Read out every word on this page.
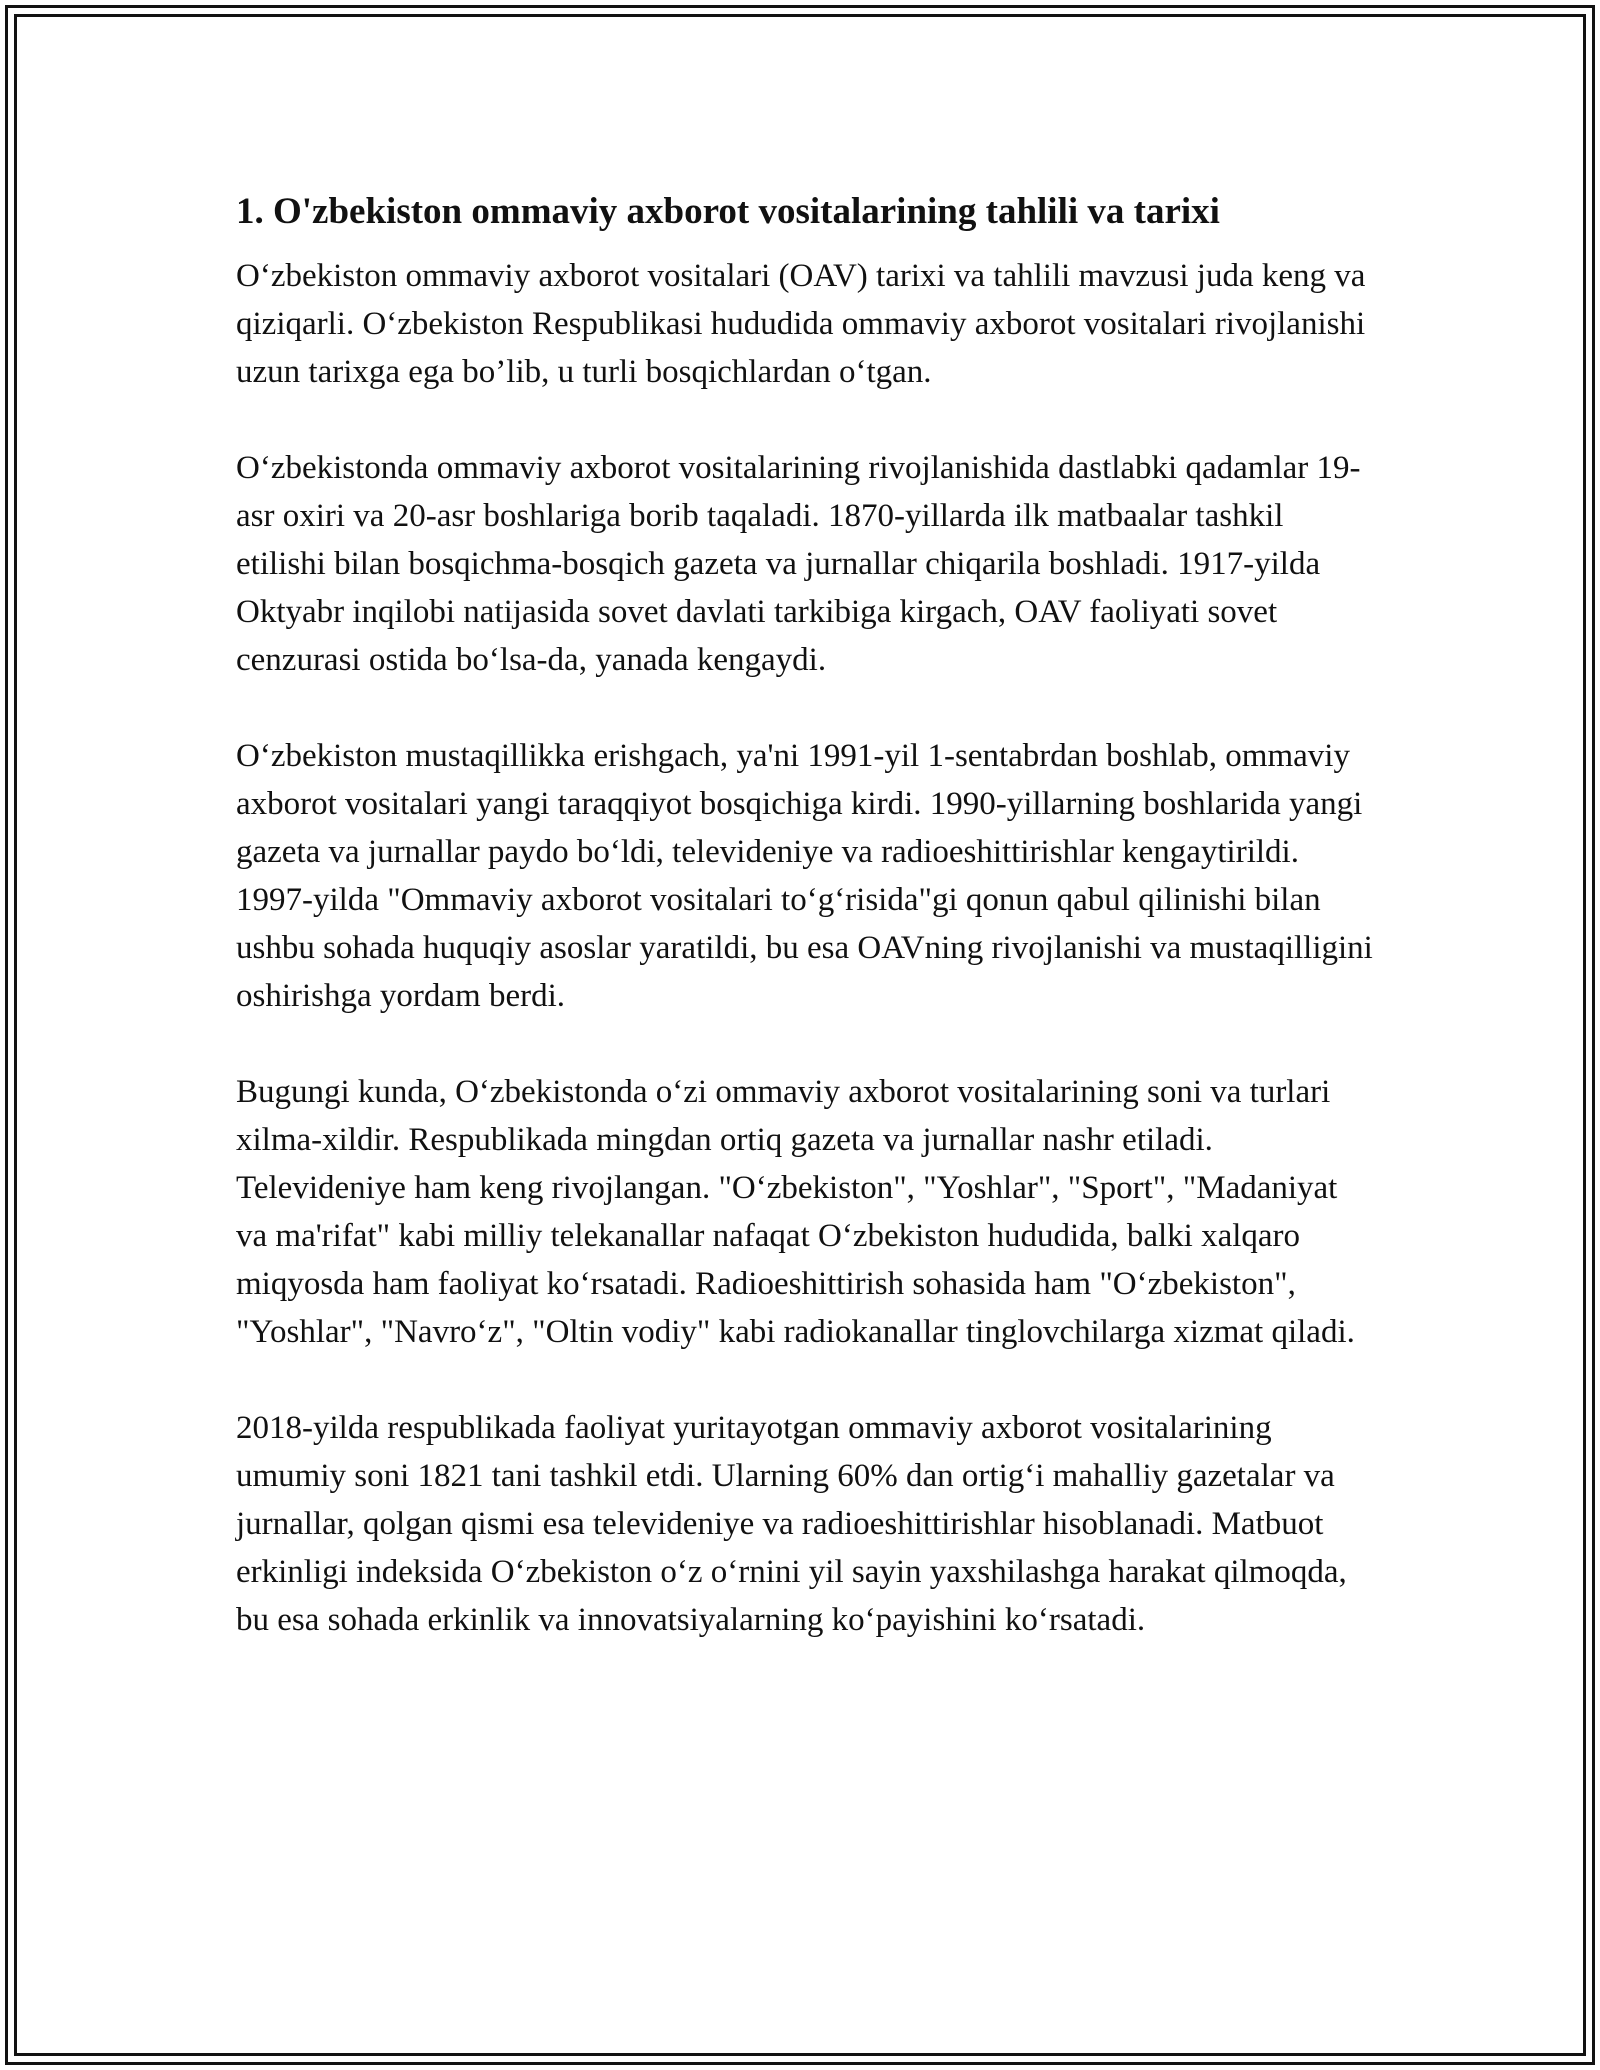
1. O'zbekiston ommaviy axborot vositalarining tahlili va tarixi

O‘zbekiston ommaviy axborot vositalari (OAV) tarixi va tahlili mavzusi juda keng va qiziqarli. O‘zbekiston Respublikasi hududida ommaviy axborot vositalari rivojlanishi uzun tarixga ega bo’lib, u turli bosqichlardan o‘tgan.

O‘zbekistonda ommaviy axborot vositalarining rivojlanishida dastlabki qadamlar 19-asr oxiri va 20-asr boshlariga borib taqaladi. 1870-yillarda ilk matbaalar tashkil etilishi bilan bosqichma-bosqich gazeta va jurnallar chiqarila boshladi. 1917-yilda Oktyabr inqilobi natijasida sovet davlati tarkibiga kirgach, OAV faoliyati sovet cenzurasi ostida bo‘lsa-da, yanada kengaydi.

O‘zbekiston mustaqillikka erishgach, ya'ni 1991-yil 1-sentabrdan boshlab, ommaviy axborot vositalari yangi taraqqiyot bosqichiga kirdi. 1990-yillarning boshlarida yangi gazeta va jurnallar paydo bo‘ldi, televideniye va radioeshittirishlar kengaytirildi. 1997-yilda "Ommaviy axborot vositalari to‘g‘risida"gi qonun qabul qilinishi bilan ushbu sohada huquqiy asoslar yaratildi, bu esa OAVning rivojlanishi va mustaqilligini oshirishga yordam berdi.

Bugungi kunda, O‘zbekistonda o‘zi ommaviy axborot vositalarining soni va turlari xilma-xildir. Respublikada mingdan ortiq gazeta va jurnallar nashr etiladi. Televideniye ham keng rivojlangan. "O‘zbekiston", "Yoshlar", "Sport", "Madaniyat va ma'rifat" kabi milliy telekanallar nafaqat O‘zbekiston hududida, balki xalqaro miqyosda ham faoliyat ko‘rsatadi. Radioeshittirish sohasida ham "O‘zbekiston", "Yoshlar", "Navro‘z", "Oltin vodiy" kabi radiokanallar tinglovchilarga xizmat qiladi.

2018-yilda respublikada faoliyat yuritayotgan ommaviy axborot vositalarining umumiy soni 1821 tani tashkil etdi. Ularning 60% dan ortig‘i mahalliy gazetalar va jurnallar, qolgan qismi esa televideniye va radioeshittirishlar hisoblanadi. Matbuot erkinligi indeksida O‘zbekiston o‘z o‘rnini yil sayin yaxshilashga harakat qilmoqda, bu esa sohada erkinlik va innovatsiyalarning ko‘payishini ko‘rsatadi.
